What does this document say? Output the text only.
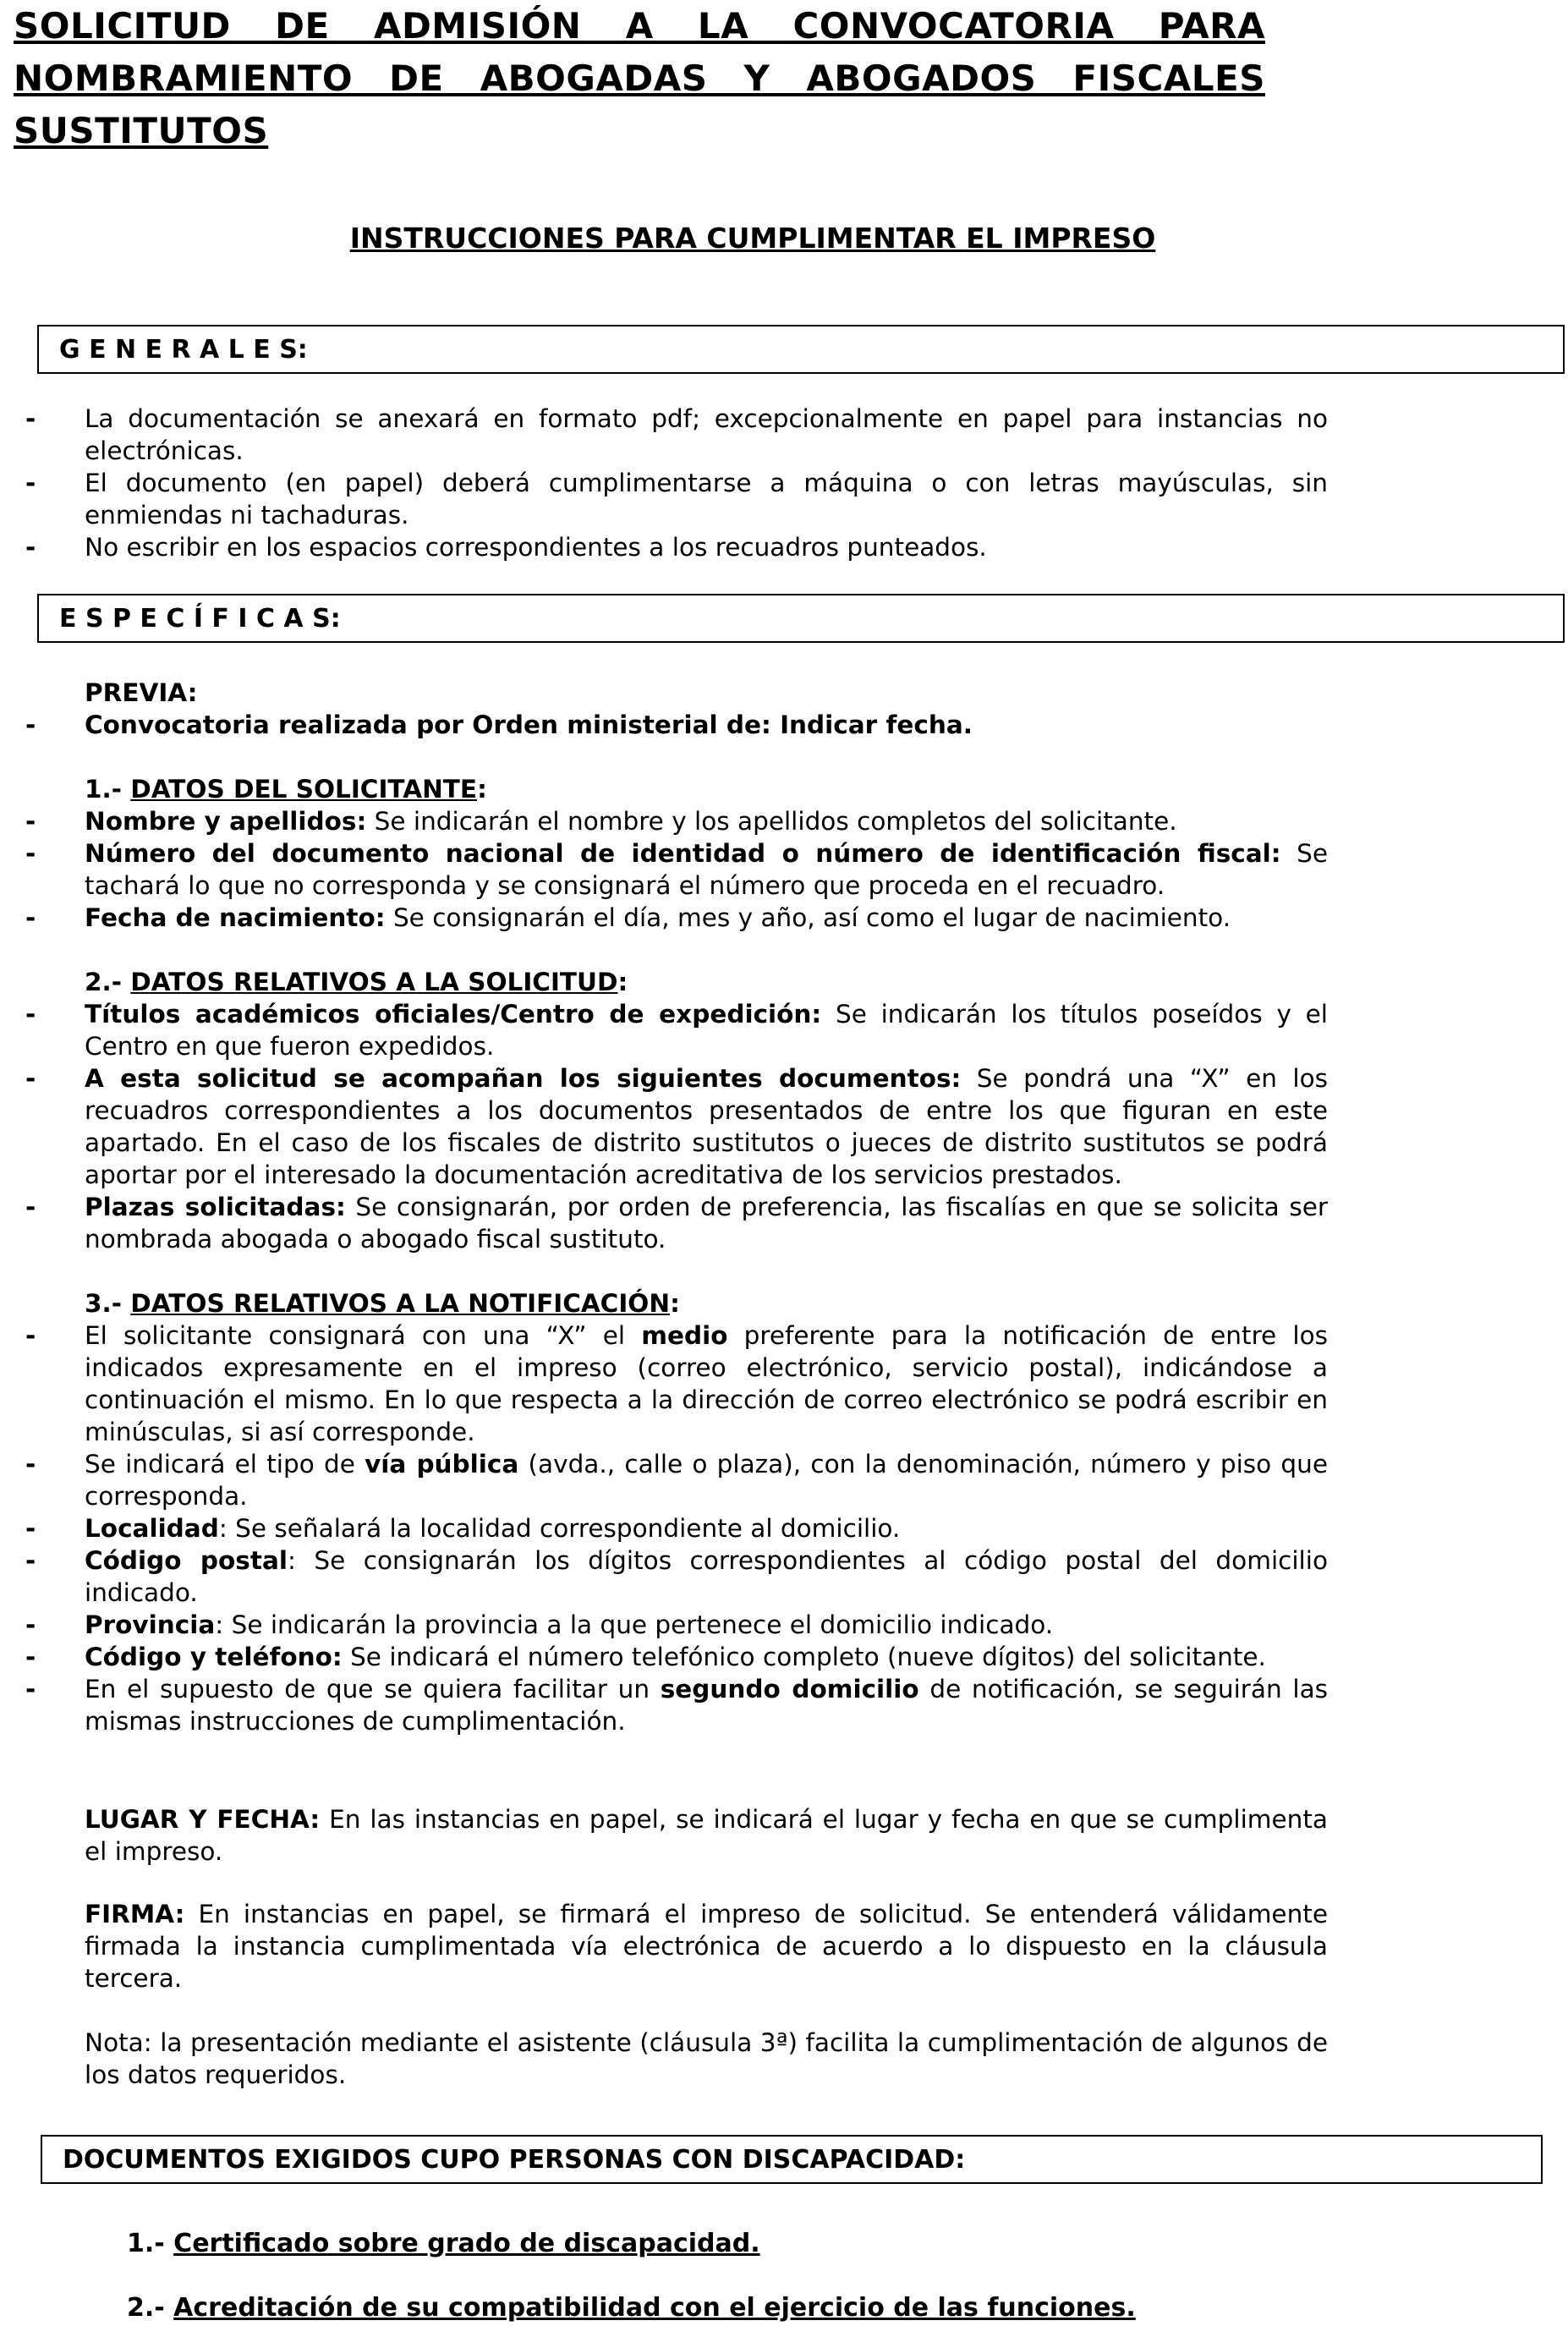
SOLICITUD DE ADMISIÓN A LA CONVOCATORIA PARA NOMBRAMIENTO DE ABOGADAS Y ABOGADOS FISCALES SUSTITUTOS
INSTRUCCIONES PARA CUMPLIMENTAR EL IMPRESO
G E N E R A L E S:

- La documentación se anexará en formato pdf; excepcionalmente en papel para instancias no electrónicas.

- El documento (en papel) deberá cumplimentarse a máquina o con letras mayúsculas, sin enmiendas ni tachaduras.

- No escribir en los espacios correspondientes a los recuadros punteados.

E S P E C Í F I C A S:

PREVIA:

- Convocatoria realizada por Orden ministerial de: Indicar fecha.

1.- DATOS DEL SOLICITANTE:

- Nombre y apellidos: Se indicarán el nombre y los apellidos completos del solicitante.

- Número del documento nacional de identidad o número de identificación fiscal: Se tachará lo que no corresponda y se consignará el número que proceda en el recuadro.

- Fecha de nacimiento: Se consignarán el día, mes y año, así como el lugar de nacimiento.

2.- DATOS RELATIVOS A LA SOLICITUD:

- Títulos académicos oficiales/Centro de expedición: Se indicarán los títulos poseídos y el Centro en que fueron expedidos.

- A esta solicitud se acompañan los siguientes documentos: Se pondrá una “X” en los recuadros correspondientes a los documentos presentados de entre los que figuran en este apartado. En el caso de los fiscales de distrito sustitutos o jueces de distrito sustitutos se podrá aportar por el interesado la documentación acreditativa de los servicios prestados.

- Plazas solicitadas: Se consignarán, por orden de preferencia, las fiscalías en que se solicita ser nombrada abogada o abogado fiscal sustituto.

3.- DATOS RELATIVOS A LA NOTIFICACIÓN:

- El solicitante consignará con una “X” el medio preferente para la notificación de entre los indicados expresamente en el impreso (correo electrónico, servicio postal), indicándose a continuación el mismo. En lo que respecta a la dirección de correo electrónico se podrá escribir en minúsculas, si así corresponde.

- Se indicará el tipo de vía pública (avda., calle o plaza), con la denominación, número y piso que corresponda.

- Localidad: Se señalará la localidad correspondiente al domicilio.

- Código postal: Se consignarán los dígitos correspondientes al código postal del domicilio indicado.

- Provincia: Se indicarán la provincia a la que pertenece el domicilio indicado.

- Código y teléfono: Se indicará el número telefónico completo (nueve dígitos) del solicitante.

- En el supuesto de que se quiera facilitar un segundo domicilio de notificación, se seguirán las mismas instrucciones de cumplimentación.

LUGAR Y FECHA: En las instancias en papel, se indicará el lugar y fecha en que se cumplimenta el impreso.

FIRMA: En instancias en papel, se firmará el impreso de solicitud. Se entenderá válidamente firmada la instancia cumplimentada vía electrónica de acuerdo a lo dispuesto en la cláusula tercera.

Nota: la presentación mediante el asistente (cláusula 3ª) facilita la cumplimentación de algunos de los datos requeridos.

DOCUMENTOS EXIGIDOS CUPO PERSONAS CON DISCAPACIDAD:

1.- Certificado sobre grado de discapacidad.

2.- Acreditación de su compatibilidad con el ejercicio de las funciones.
